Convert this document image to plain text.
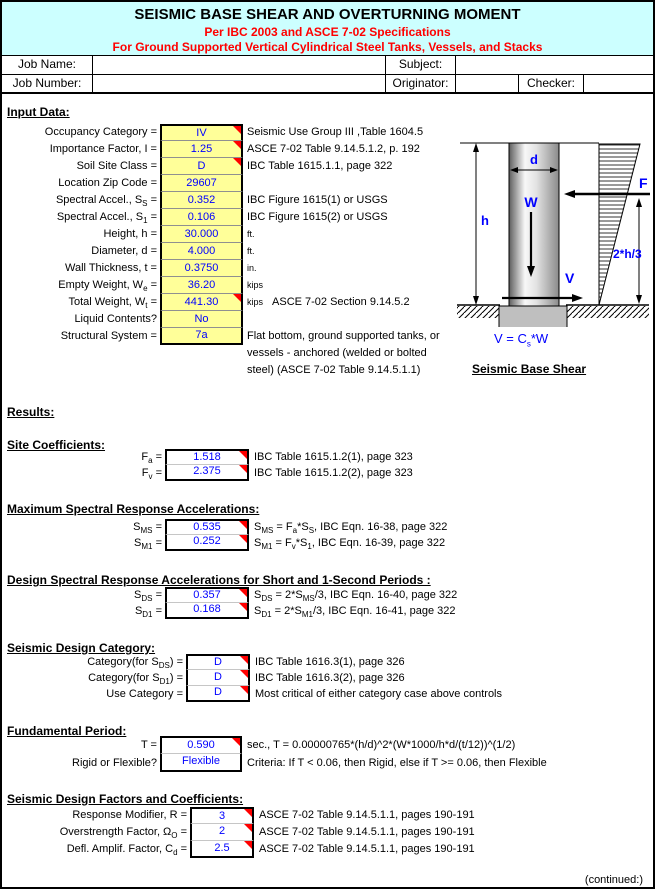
SEISMIC BASE SHEAR AND OVERTURNING MOMENT
Per IBC 2003 and ASCE 7-02 Specifications
For Ground Supported Vertical Cylindrical Steel Tanks, Vessels, and Stacks
Job Name:	Subject:
Job Number:	Originator:	Checker:
Input Data:
Occupancy Category =	IV	Seismic Use Group III ,Table 1604.5
Importance Factor, I =	1.25	ASCE 7-02 Table 9.14.5.1.2, p. 192
Soil Site Class =	D	IBC Table 1615.1.1, page 322
Location Zip Code =	29607
Spectral Accel., $S_S$ =	0.352	IBC Figure 1615(1) or USGS
Spectral Accel., $S_1$ =	0.106	IBC Figure 1615(2) or USGS
Height, h =	30.000	ft.
Diameter, d =	4.000	ft.
Wall Thickness, t =	0.3750	in.
Empty Weight, $W_e$ =	36.20	kips
Total Weight, $W_t$ =	441.30	kips ASCE 7-02 Section 9.14.5.2
Liquid Contents?	No
Structural System =	7a	Flat bottom, ground supported tanks, or vessels - anchored (welded or bolted steel) (ASCE 7-02 Table 9.14.5.1.1)
Results:
Site Coefficients:
$F_a$ =	1.518	IBC Table 1615.1.2(1), page 323
$F_v$ =	2.375	IBC Table 1615.1.2(2), page 323
Maximum Spectral Response Accelerations:
$S_{MS}$ =	0.535	$S_{MS} = F_a*S_S$, IBC Eqn. 16-38, page 322
$S_{M1}$ =	0.252	$S_{M1} = F_v*S_1$, IBC Eqn. 16-39, page 322
Design Spectral Response Accelerations for Short and 1-Second Periods :
$S_{DS}$ =	0.357	$S_{DS} = 2*S_{MS}/3$, IBC Eqn. 16-40, page 322
$S_{D1}$ =	0.168	$S_{D1} = 2*S_{M1}/3$, IBC Eqn. 16-41, page 322
Seismic Design Category:
Category(for $S_{DS}$) =	D	IBC Table 1616.3(1), page 326
Category(for $S_{D1}$) =	D	IBC Table 1616.3(2), page 326
Use Category =	D	Most critical of either category case above controls
Fundamental Period:
T =	0.590	sec., T = 0.00000765*(h/d)^2*(W*1000/h*d/(t/12))^(1/2)
Rigid or Flexible?	Flexible	Criteria: If T < 0.06, then Rigid, else if T >= 0.06, then Flexible
Seismic Design Factors and Coefficients:
Response Modifier, R =	3	ASCE 7-02 Table 9.14.5.1.1, pages 190-191
Overstrength Factor, $\Omega_O$ =	2	ASCE 7-02 Table 9.14.5.1.1, pages 190-191
Defl. Amplif. Factor, $C_d$ =	2.5	ASCE 7-02 Table 9.14.5.1.1, pages 190-191
(continued:)
h
d
W
V
F
2*h/3
$V = C_s*W$
Seismic Base Shear
